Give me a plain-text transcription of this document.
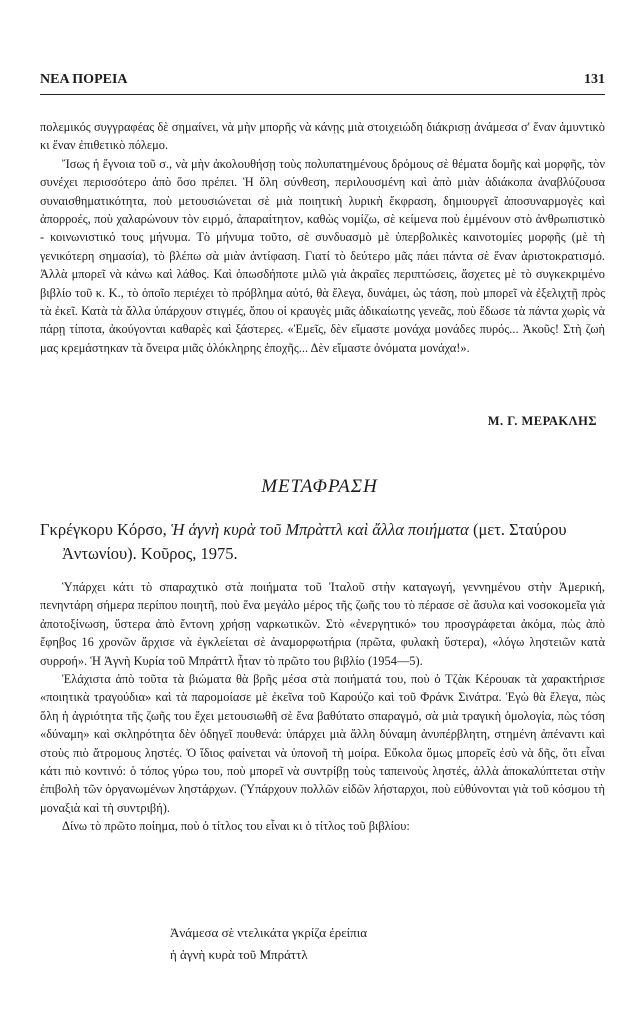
ΝΕΑ ΠΟΡΕΙΑ	131

πολεμικός συγγραφέας δὲ σημαίνει, νὰ μὴν μπορῆς νὰ κάνῃς μιὰ στοιχειώδη διάκρισῃ ἀνάμεσα σ' ἕναν ἀμυντικὸ κι ἕναν ἐπιθετικὸ πόλεμο.

Ἴσως ἡ ἔγνοια τοῦ σ., νὰ μὴν ἀκολουθήσῃ τοὺς πολυπατημένους δρόμους σὲ θέματα δομῆς καὶ μορφῆς, τὸν συνέχει περισσότερο ἀπὸ ὅσο πρέπει. Ἡ ὅλη σύνθεση, περιλουσμένη καὶ ἀπὸ μιὰν ἀδιάκοπα ἀναβλύζουσα συναισθηματικότητα, ποὺ μετουσιώνεται σὲ μιὰ ποιητικὴ λυρικὴ ἔκφραση, δημιουργεῖ ἀποσυναρμογὲς καὶ ἀπορροές, ποὺ χαλαρώνουν τὸν ειρμό, ἀπαραίτητον, καθὼς νομίζω, σὲ κείμενα ποὺ ἐμμένουν στὸ ἀνθρωπιστικὸ - κοινωνιστικό τους μήνυμα. Τὸ μήνυμα τοῦτο, σὲ συνδυασμὸ μὲ ὑπερβολικὲς καινοτομίες μορφῆς (μὲ τὴ γενικότερη σημασία), τὸ βλέπω σὰ μιὰν ἀντίφαση. Γιατί τὸ δεύτερο μᾶς πάει πάντα σὲ ἕναν ἀριστοκρατισμό. Ἀλλὰ μπορεῖ νὰ κάνω καὶ λάθος. Καὶ ὁπωσδήποτε μιλῶ γιὰ ἀκραῖες περιπτώσεις, ἄσχετες μὲ τὸ συγκεκριμένο βιβλίο τοῦ κ. Κ., τὸ ὁποῖο περιέχει τὸ πρόβλημα αὐτό, θὰ ἔλεγα, δυνάμει, ὡς τάση, ποὺ μπορεῖ νὰ ἐξελιχτῇ πρὸς τὰ ἐκεῖ. Κατὰ τὰ ἄλλα ὑπάρχουν στιγμές, ὅπου οἱ κραυγὲς μιᾶς ἀδικαίωτης γενεᾶς, ποὺ ἔδωσε τὰ πάντα χωρὶς νὰ πάρῃ τίποτα, ἀκούγονται καθαρὲς καὶ ξάστερες. «Ἐμεῖς, δὲν εἴμαστε μονάχα μονάδες πυρός... Ἀκοῦς! Στὴ ζωὴ μας κρεμάστηκαν τὰ ὄνειρα μιᾶς ὁλόκληρης ἐποχῆς... Δὲν εἴμαστε ὀνόματα μονάχα!».

Μ. Γ. ΜΕΡΑΚΛΗΣ
ΜΕΤΑΦΡΑΣΗ
Γκρέγκορυ Κόρσο, Ἡ ἁγνὴ κυρὰ τοῦ Μπρὰττλ καὶ ἄλλα ποιήματα (μετ. Σταύρου Ἀντωνίου). Κοῦρος, 1975.

Ὑπάρχει κάτι τὸ σπαραχτικὸ στὰ ποιήματα τοῦ Ἰταλοῦ στὴν καταγωγή, γεννημένου στὴν Ἀμερική, πενηντάρη σήμερα περίπου ποιητῆ, ποὺ ἕνα μεγάλο μέρος τῆς ζωῆς του τὸ πέρασε σὲ ἄσυλα καὶ νοσοκομεῖα γιὰ ἀποτοξίνωση, ὕστερα ἀπὸ ἔντονη χρήσῃ ναρκωτικῶν. Στὸ «ἐνεργητικό» του προσγράφεται ἀκόμα, πὼς ἀπὸ ἔφηβος 16 χρονῶν ἄρχισε νὰ ἐγκλείεται σὲ ἀναμορφωτήρια (πρῶτα, φυλακὴ ὕστερα), «λόγω ληστειῶν κατὰ συρροή». Ἡ Ἁγνὴ Κυρία τοῦ Μπράττλ ἦταν τὸ πρῶτο του βιβλίο (1954—5).

Ἐλάχιστα ἀπὸ τοῦτα τὰ βιώματα θὰ βρῆς μέσα στὰ ποιήματά του, ποὺ ὁ Τζὰκ Κέρουακ τὰ χαρακτήρισε «ποιητικὰ τραγούδια» καὶ τὰ παρομοίασε μὲ ἐκεῖνα τοῦ Καρούζο καὶ τοῦ Φράνκ Σινάτρα. Ἐγὼ θὰ ἔλεγα, πὼς ὅλη ἡ ἀγριότητα τῆς ζωῆς του ἔχει μετουσιωθῆ σὲ ἕνα βαθύτατο σπαραγμό, σὰ μιὰ τραγικὴ ὁμολογία, πὼς τόση «δύναμη» καὶ σκληρότητα δὲν ὁδηγεῖ πουθενά: ὑπάρχει μιὰ ἄλλη δύναμη ἀνυπέρβλητη, στημένη ἀπέναντι καὶ στοὺς πιὸ ἄτρομους ληστές. Ὁ ἴδιος φαίνεται νὰ ὑπονοῆ τὴ μοίρα. Εὔκολα ὅμως μπορεῖς ἐσὺ νὰ δῆς, ὅτι εἶναι κάτι πιὸ κοντινό: ὁ τόπος γύρω του, ποὺ μπορεῖ νὰ συντρίβῃ τοὺς ταπεινοὺς ληστές, ἀλλὰ ἀποκαλύπτεται στὴν ἐπιβολὴ τῶν ὀργανωμένων ληστάρχων. (Ὑπάρχουν πολλῶν εἰδῶν λήσταρχοι, ποὺ εὐθύνονται γιὰ τοῦ κόσμου τὴ μοναξιὰ καὶ τὴ συντριβή).

Δίνω τὸ πρῶτο ποίημα, ποὺ ὁ τίτλος του εἶναι κι ὁ τίτλος τοῦ βιβλίου:

Ἀνάμεσα σὲ ντελικάτα γκρίζα ἐρείπια
ἡ ἁγνὴ κυρὰ τοῦ Μπράττλ
